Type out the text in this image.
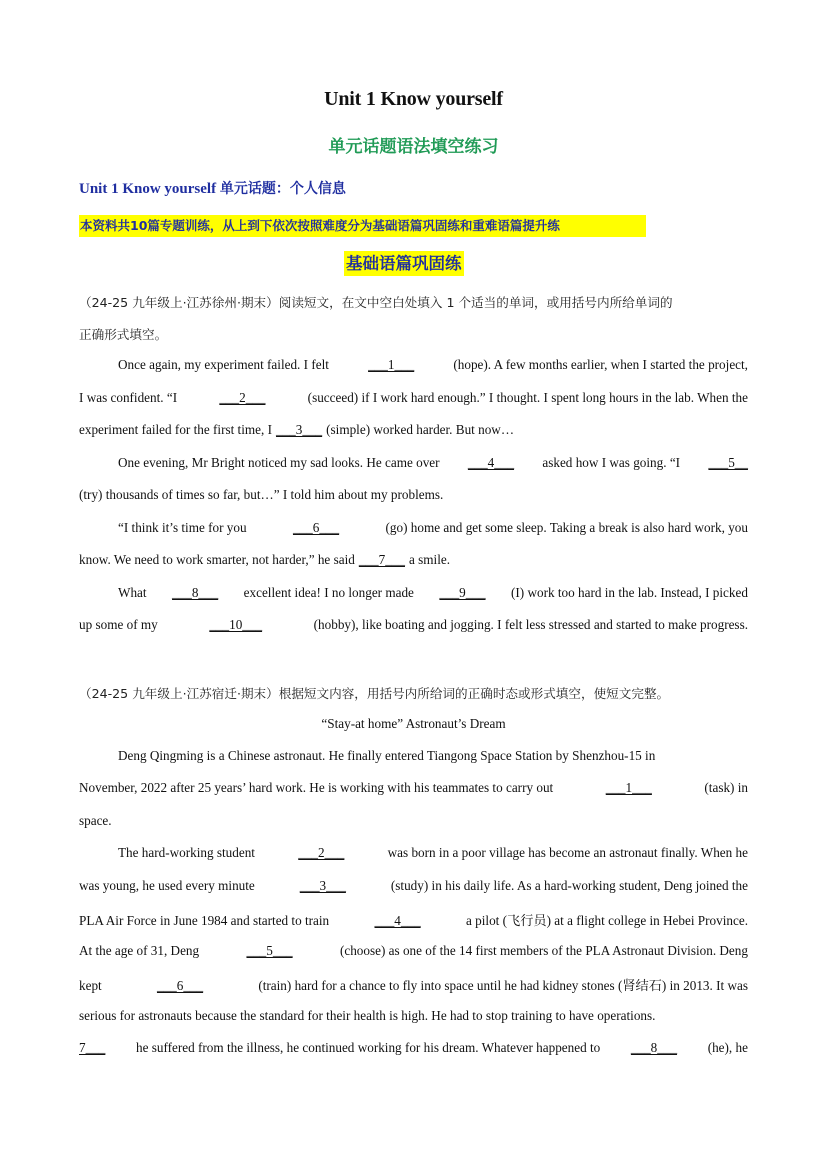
Unit 1 Know yourself
单元话题语法填空练习
Unit 1 Know yourself 单元话题：个人信息
本资料共10篇专题训练，从上到下依次按照难度分为基础语篇巩固练和重难语篇提升练
基础语篇巩固练
（24-25 九年级上·江苏徐州·期末）阅读短文，在文中空白处填入 1 个适当的单词，或用括号内所给单词的
正确形式填空。
Once again, my experiment failed. I felt	___1___	(hope). A few months earlier, when I started the project,
I was confident. “I	___2___	(succeed) if I work hard enough.” I thought. I spent long hours in the lab. When the
experiment failed for the first time, I ___3___ (simple) worked harder. But now…
One evening, Mr Bright noticed my sad looks. He came over ___4___ asked how I was going. “I ___5__
(try) thousands of times so far, but…” I told him about my problems.
“I think it’s time for you	___6___	(go) home and get some sleep. Taking a break is also hard work, you
know. We need to work smarter, not harder,” he said ___7___ a smile.
What ___8___ excellent idea! I no longer made ___9___ (I) work too hard in the lab. Instead, I picked
up some of my	___10___	(hobby), like boating and jogging. I felt less stressed and started to make progress.
（24-25 九年级上·江苏宿迁·期末）根据短文内容，用括号内所给词的正确时态或形式填空，使短文完整。
“Stay-at home” Astronaut’s Dream
Deng Qingming is a Chinese astronaut. He finally entered Tiangong Space Station by Shenzhou-15 in
November, 2022 after 25 years’ hard work. He is working with his teammates to carry out	___1___	(task) in
space.
The hard-working student	___2___	was born in a poor village has become an astronaut finally. When he
was young, he used every minute	___3___	(study) in his daily life. As a hard-working student, Deng joined the
PLA Air Force in June 1984 and started to train	___4___	a pilot (飞行员) at a flight college in Hebei Province.
At the age of 31, Deng	___5___	(choose) as one of the 14 first members of the PLA Astronaut Division. Deng
kept	___6___	(train) hard for a chance to fly into space until he had kidney stones (肾结石) in 2013. It was
serious for astronauts because the standard for their health is high. He had to stop training to have operations.
7___ he suffered from the illness, he continued working for his dream. Whatever happened to ___8___ (he), he
